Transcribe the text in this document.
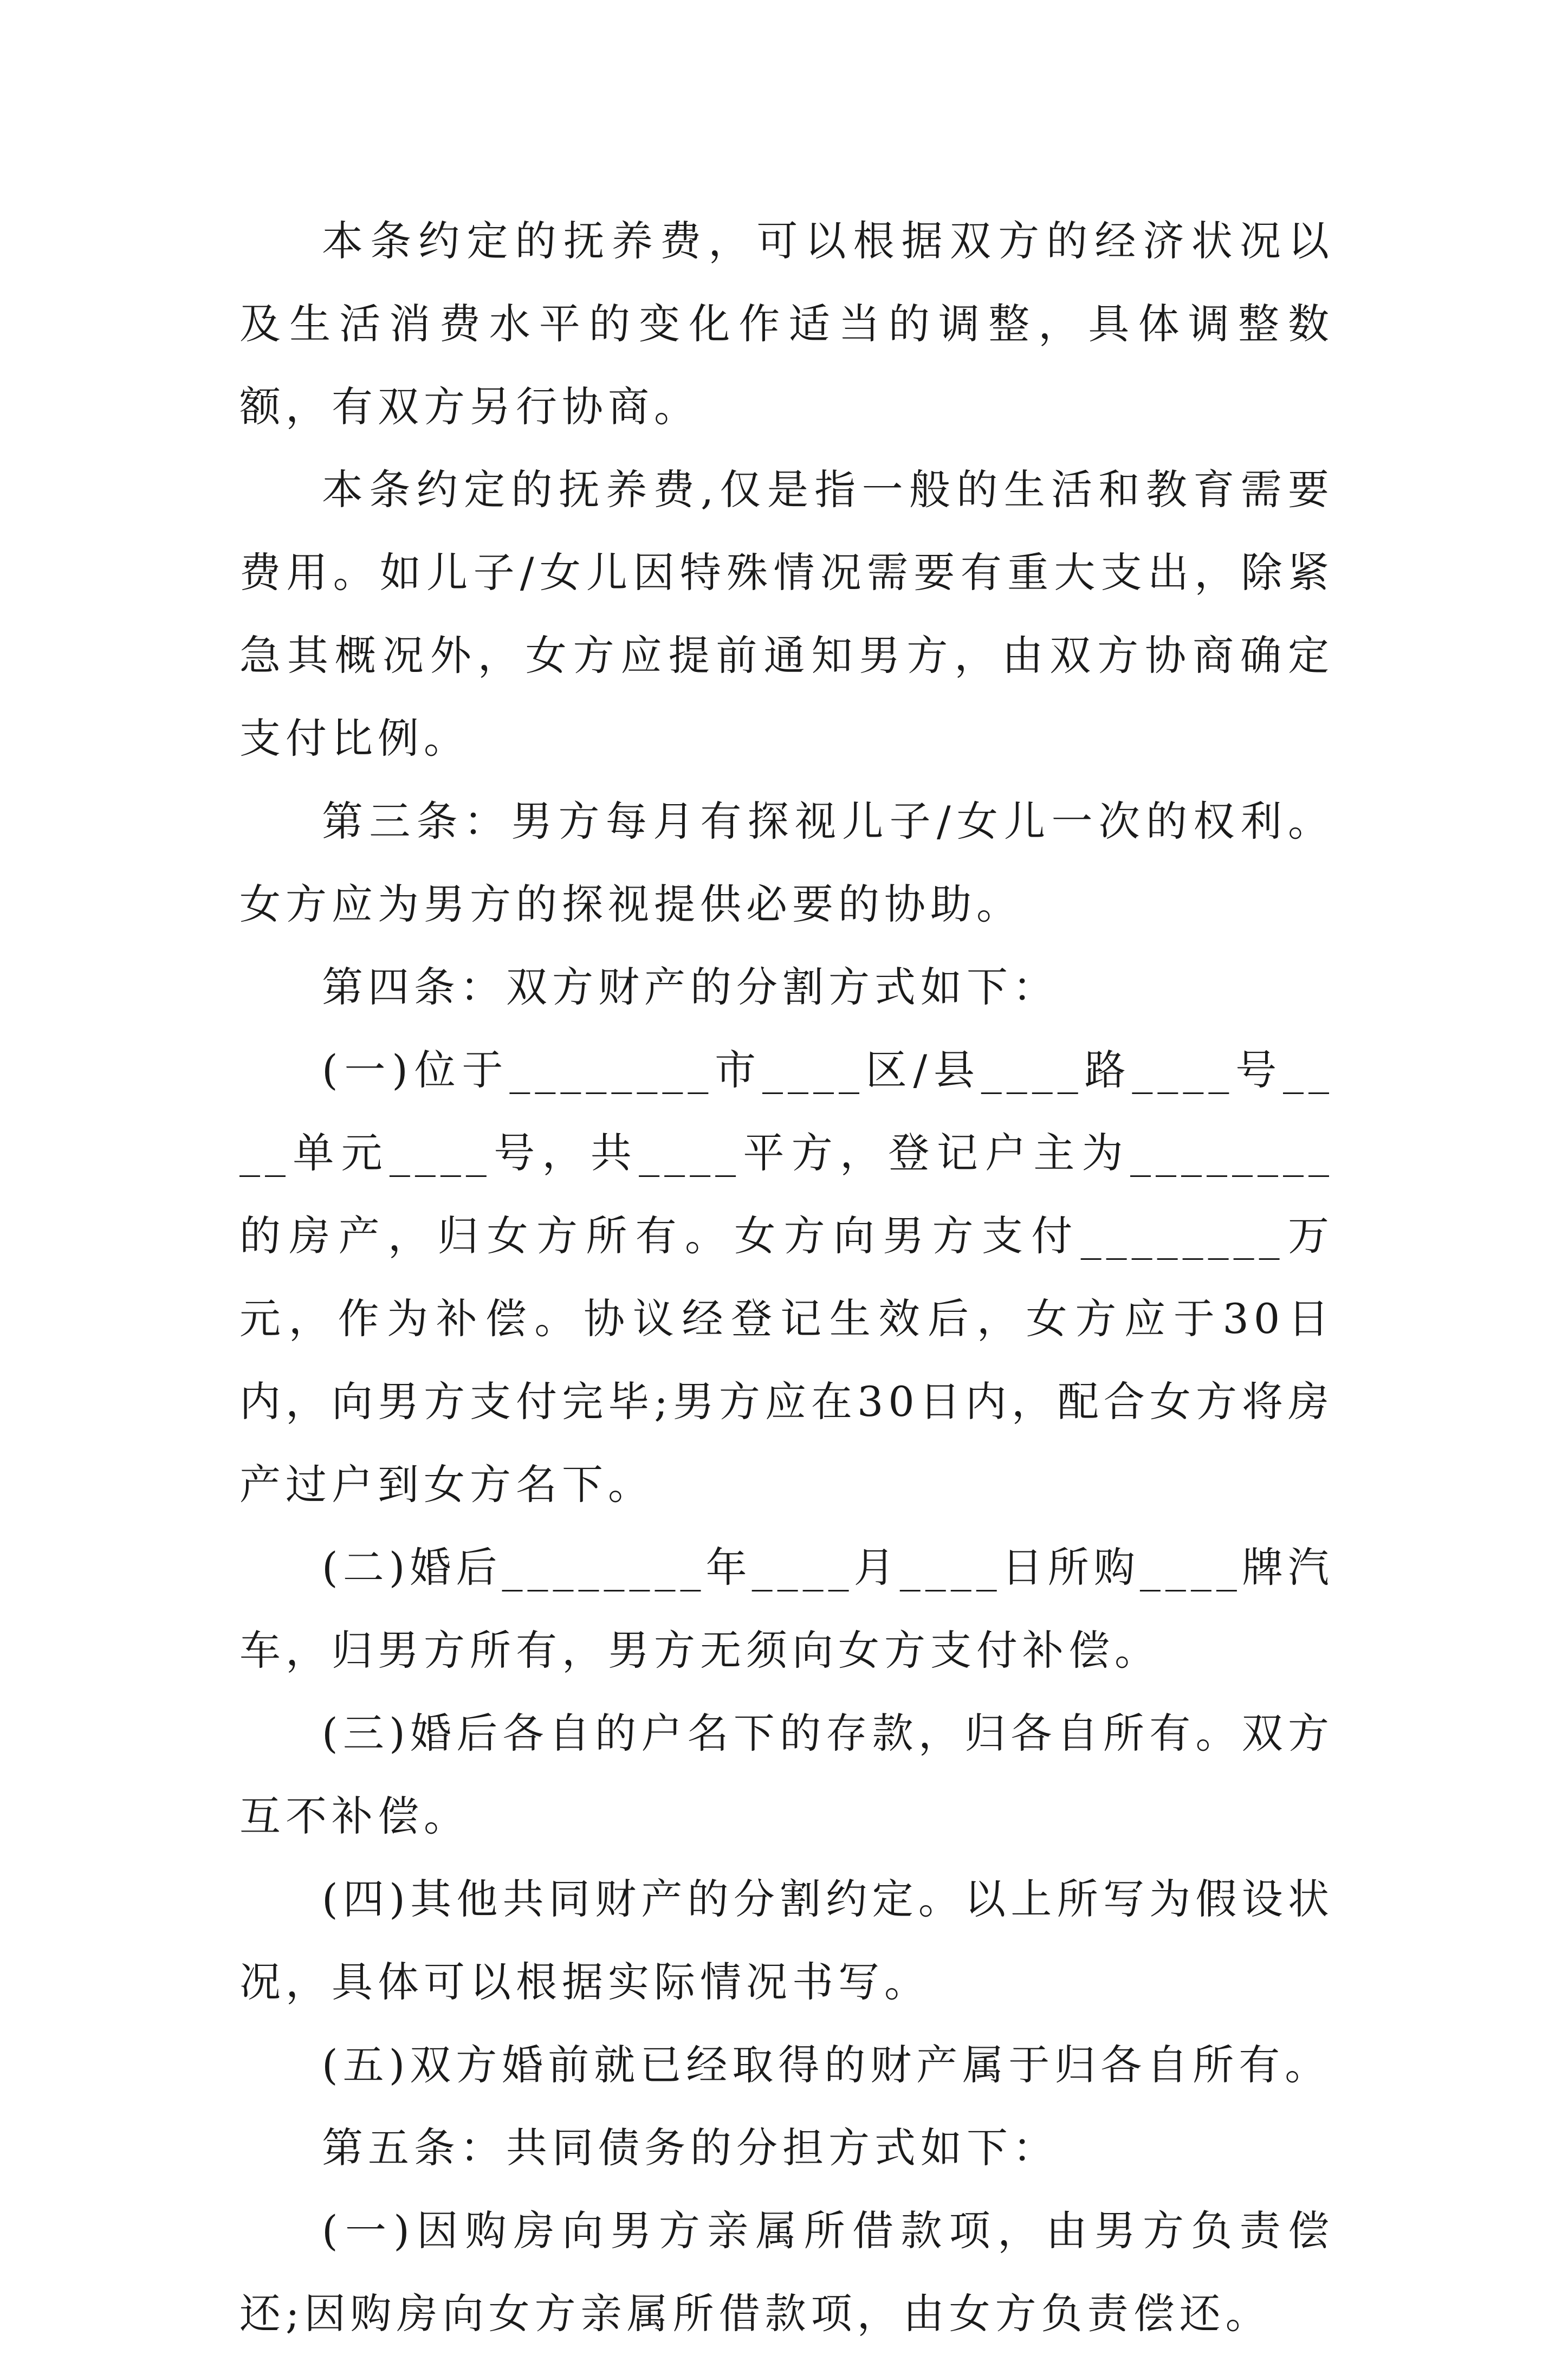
本条约定的抚养费，可以根据双方的经济状况以及生活消费水平的变化作适当的调整，具体调整数额，有双方另行协商。

本条约定的抚养费,仅是指一般的生活和教育需要费用。如儿子/女儿因特殊情况需要有重大支出，除紧急其概况外，女方应提前通知男方，由双方协商确定支付比例。

第三条：男方每月有探视儿子/女儿一次的权利。女方应为男方的探视提供必要的协助。

第四条：双方财产的分割方式如下：

(一)位于________市____区/县____路____号____单元____号，共____平方，登记户主为________的房产，归女方所有。女方向男方支付________万元，作为补偿。协议经登记生效后，女方应于30日内，向男方支付完毕;男方应在30日内，配合女方将房产过户到女方名下。

(二)婚后________年____月____日所购____牌汽车，归男方所有，男方无须向女方支付补偿。

(三)婚后各自的户名下的存款，归各自所有。双方互不补偿。

(四)其他共同财产的分割约定。以上所写为假设状况，具体可以根据实际情况书写。

(五)双方婚前就已经取得的财产属于归各自所有。

第五条：共同债务的分担方式如下：

(一)因购房向男方亲属所借款项，由男方负责偿还;因购房向女方亲属所借款项，由女方负责偿还。
